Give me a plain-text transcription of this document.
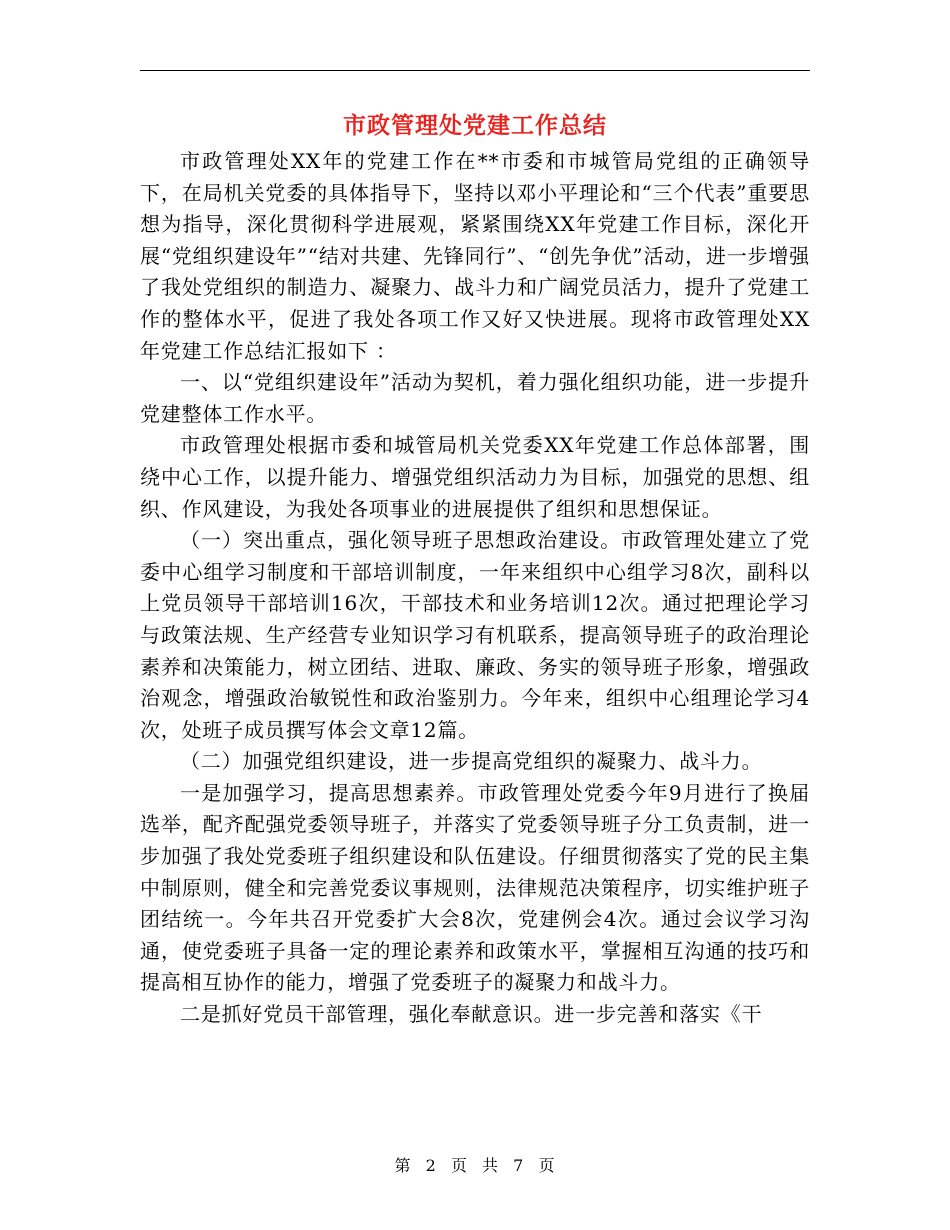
市政管理处党建工作总结

市政管理处XX年的党建工作在**市委和市城管局党组的正确领导下，在局机关党委的具体指导下，坚持以邓小平理论和“三个代表”重要思想为指导，深化贯彻科学进展观，紧紧围绕XX年党建工作目标，深化开展“党组织建设年”“结对共建、先锋同行”、“创先争优”活动，进一步增强了我处党组织的制造力、凝聚力、战斗力和广阔党员活力，提升了党建工作的整体水平，促进了我处各项工作又好又快进展。现将市政管理处XX年党建工作总结汇报如下 ：

一、以“党组织建设年”活动为契机，着力强化组织功能，进一步提升党建整体工作水平。

市政管理处根据市委和城管局机关党委XX年党建工作总体部署，围绕中心工作，以提升能力、增强党组织活动力为目标，加强党的思想、组织、作风建设，为我处各项事业的进展提供了组织和思想保证。

（一）突出重点，强化领导班子思想政治建设。市政管理处建立了党委中心组学习制度和干部培训制度，一年来组织中心组学习8次，副科以上党员领导干部培训16次，干部技术和业务培训12次。通过把理论学习与政策法规、生产经营专业知识学习有机联系，提高领导班子的政治理论素养和决策能力，树立团结、进取、廉政、务实的领导班子形象，增强政治观念，增强政治敏锐性和政治鉴别力。今年来，组织中心组理论学习4次，处班子成员撰写体会文章12篇。

（二）加强党组织建设，进一步提高党组织的凝聚力、战斗力。

一是加强学习，提高思想素养。市政管理处党委今年9月进行了换届选举，配齐配强党委领导班子，并落实了党委领导班子分工负责制，进一步加强了我处党委班子组织建设和队伍建设。仔细贯彻落实了党的民主集中制原则，健全和完善党委议事规则，法律规范决策程序，切实维护班子团结统一。今年共召开党委扩大会8次，党建例会4次。通过会议学习沟通，使党委班子具备一定的理论素养和政策水平，掌握相互沟通的技巧和提高相互协作的能力，增强了党委班子的凝聚力和战斗力。

二是抓好党员干部管理，强化奉献意识。进一步完善和落实《干

第 2 页 共 7 页
